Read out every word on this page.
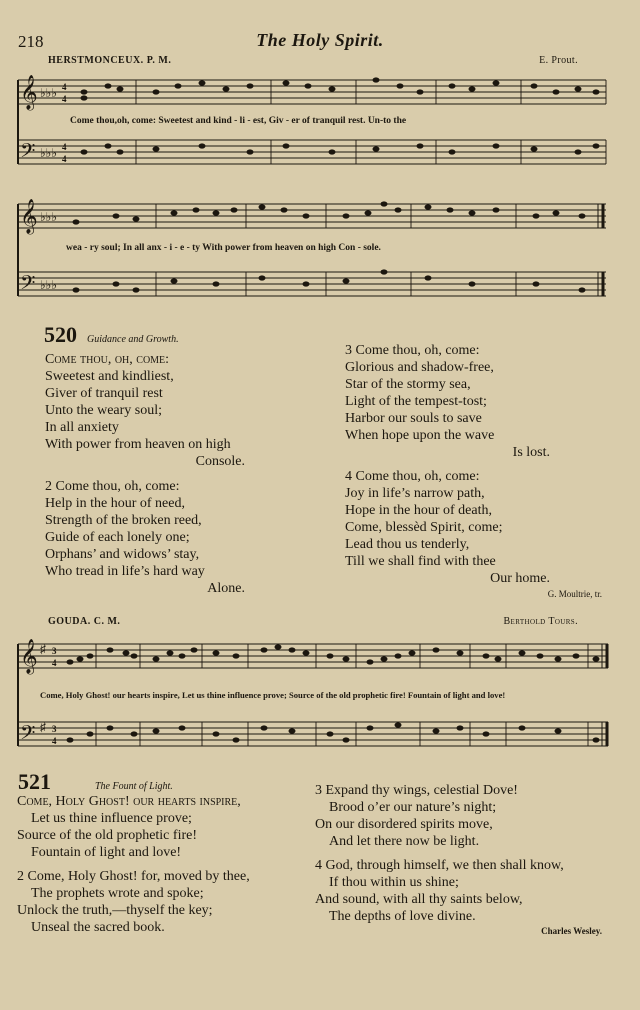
218	The Holy Spirit.
HERSTMONCEUX. P. M.	E. Prout.
𝄞
𝄢
♭♭♭
♭♭♭
4
4
4
4
Come thou,oh, come: Sweetest and kind - li - est, Giv - er of tranquil rest. Un-to the
𝄞
𝄢
♭♭♭
♭♭♭
wea - ry soul; In all anx - i - e - ty With power from heaven on high Con - sole.
520 Guidance and Growth.
Come thou, oh, come:
Sweetest and kindliest,
Giver of tranquil rest
Unto the weary soul;
In all anxiety
With power from heaven on high
Console.
2 Come thou, oh, come:
Help in the hour of need,
Strength of the broken reed,
Guide of each lonely one;
Orphans’ and widows’ stay,
Who tread in life’s hard way
Alone.
3 Come thou, oh, come:
Glorious and shadow-free,
Star of the stormy sea,
Light of the tempest-tost;
Harbor our souls to save
When hope upon the wave
Is lost.
4 Come thou, oh, come:
Joy in life’s narrow path,
Hope in the hour of death,
Come, blessèd Spirit, come;
Lead thou us tenderly,
Till we shall find with thee
Our home.
G. Moultrie, tr.
GOUDA. C. M.	Berthold Tours.
𝄞
𝄢
♯
♯
3
4
3
4
Come, Holy Ghost! our hearts inspire, Let us thine influence prove; Source of the old prophetic fire! Fountain of light and love!
521	The Fount of Light.
Come, Holy Ghost! our hearts inspire,
Let us thine influence prove;
Source of the old prophetic fire!
Fountain of light and love!
2 Come, Holy Ghost! for, moved by thee,
The prophets wrote and spoke;
Unlock the truth,—thyself the key;
Unseal the sacred book.
3 Expand thy wings, celestial Dove!
Brood o’er our nature’s night;
On our disordered spirits move,
And let there now be light.
4 God, through himself, we then shall know,
If thou within us shine;
And sound, with all thy saints below,
The depths of love divine.
Charles Wesley.
